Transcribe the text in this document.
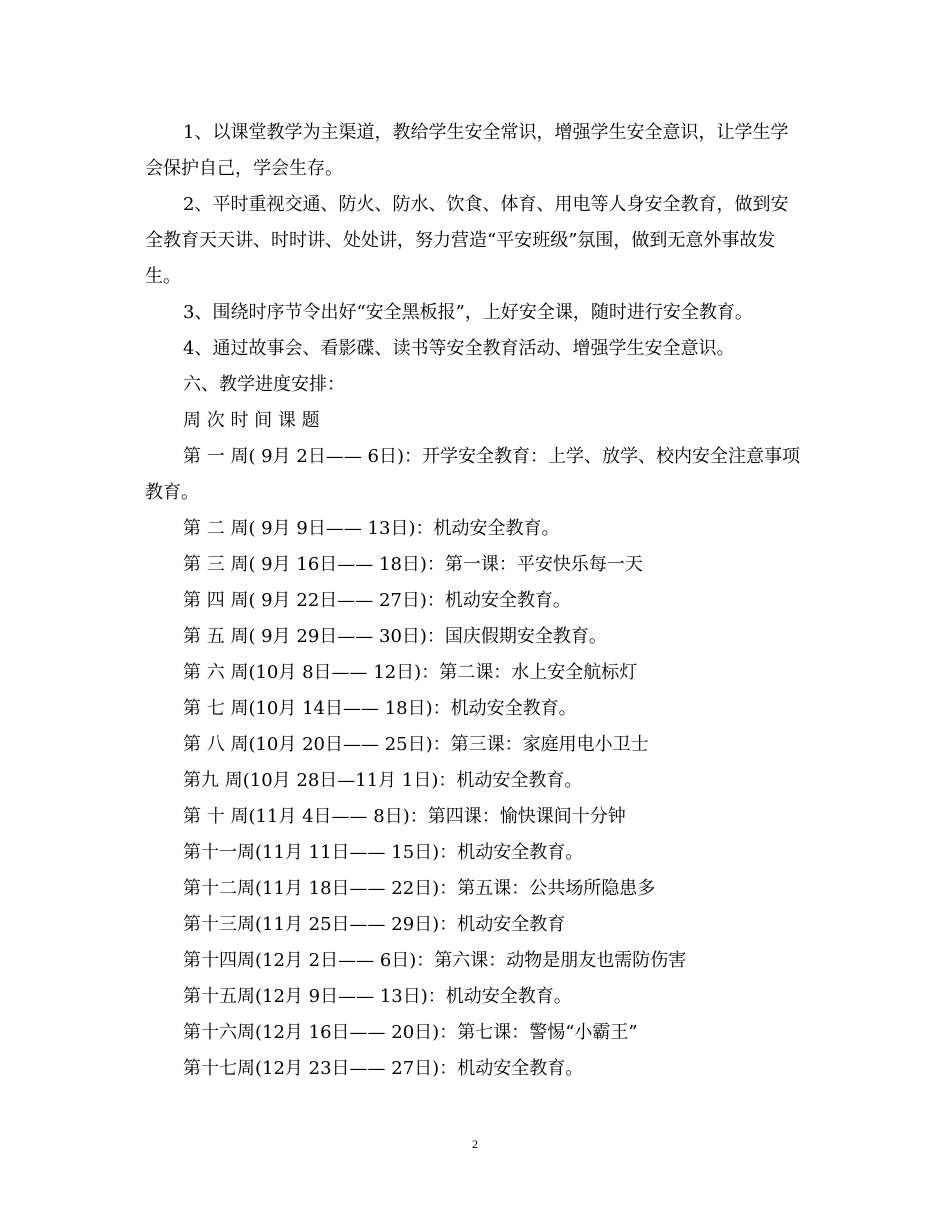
1、以课堂教学为主渠道，教给学生安全常识，增强学生安全意识，让学生学会保护自己，学会生存。

2、平时重视交通、防火、防水、饮食、体育、用电等人身安全教育，做到安全教育天天讲、时时讲、处处讲，努力营造“平安班级”氛围，做到无意外事故发生。

3、围绕时序节令出好“安全黑板报”，上好安全课，随时进行安全教育。

4、通过故事会、看影碟、读书等安全教育活动、增强学生安全意识。

六、教学进度安排：

周 次 时 间 课 题

第 一 周( 9月 2日—— 6日)：开学安全教育：上学、放学、校内安全注意事项教育。

第 二 周( 9月 9日—— 13日)：机动安全教育。

第 三 周( 9月 16日—— 18日)：第一课：平安快乐每一天

第 四 周( 9月 22日—— 27日)：机动安全教育。

第 五 周( 9月 29日—— 30日)：国庆假期安全教育。

第 六 周(10月 8日—— 12日)：第二课：水上安全航标灯

第 七 周(10月 14日—— 18日)：机动安全教育。

第 八 周(10月 20日—— 25日)：第三课：家庭用电小卫士

第九 周(10月 28日—11月 1日)：机动安全教育。

第 十 周(11月 4日—— 8日)：第四课：愉快课间十分钟

第十一周(11月 11日—— 15日)：机动安全教育。

第十二周(11月 18日—— 22日)：第五课：公共场所隐患多

第十三周(11月 25日—— 29日)：机动安全教育

第十四周(12月 2日—— 6日)：第六课：动物是朋友也需防伤害

第十五周(12月 9日—— 13日)：机动安全教育。

第十六周(12月 16日—— 20日)：第七课：警惕“小霸王”

第十七周(12月 23日—— 27日)：机动安全教育。

2
